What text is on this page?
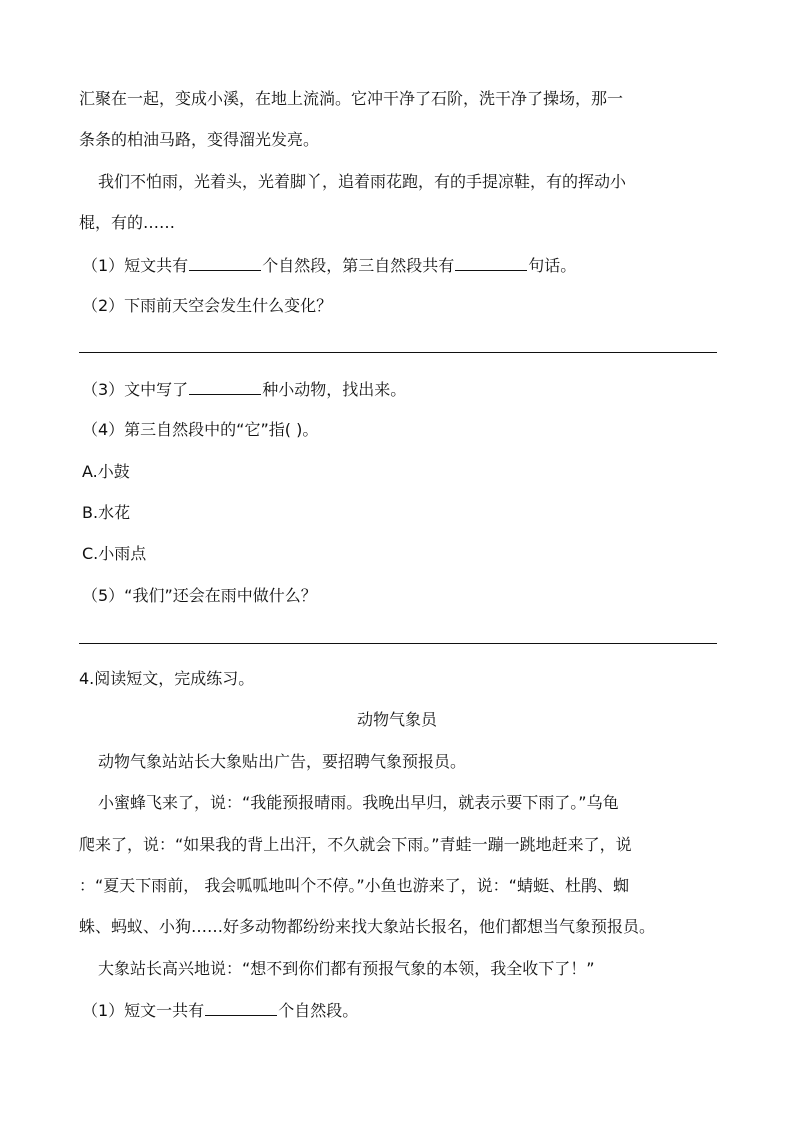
汇聚在一起，变成小溪，在地上流淌。它冲干净了石阶，洗干净了操场，那一
条条的柏油马路，变得溜光发亮。
我们不怕雨，光着头，光着脚丫，追着雨花跑，有的手提凉鞋，有的挥动小
棍，有的……
（1）短文共有	个自然段，第三自然段共有	句话。
（2）下雨前天空会发生什么变化？
（3）文中写了	种小动物，找出来。
（4）第三自然段中的“它”指( )。
A.小鼓
B.水花
C.小雨点
（5）“我们”还会在雨中做什么？
4.阅读短文，完成练习。
动物气象员
动物气象站站长大象贴出广告，要招聘气象预报员。
小蜜蜂飞来了，说：“我能预报晴雨。我晚出早归，就表示要下雨了。”乌龟
爬来了，说：“如果我的背上出汗，不久就会下雨。”青蛙一蹦一跳地赶来了，说
：“夏天下雨前， 我会呱呱地叫个不停。”小鱼也游来了，说：“蜻蜓、杜鹃、蜘
蛛、蚂蚁、小狗……好多动物都纷纷来找大象站长报名，他们都想当气象预报员。
大象站长高兴地说：“想不到你们都有预报气象的本领，我全收下了！”
（1）短文一共有	个自然段。
